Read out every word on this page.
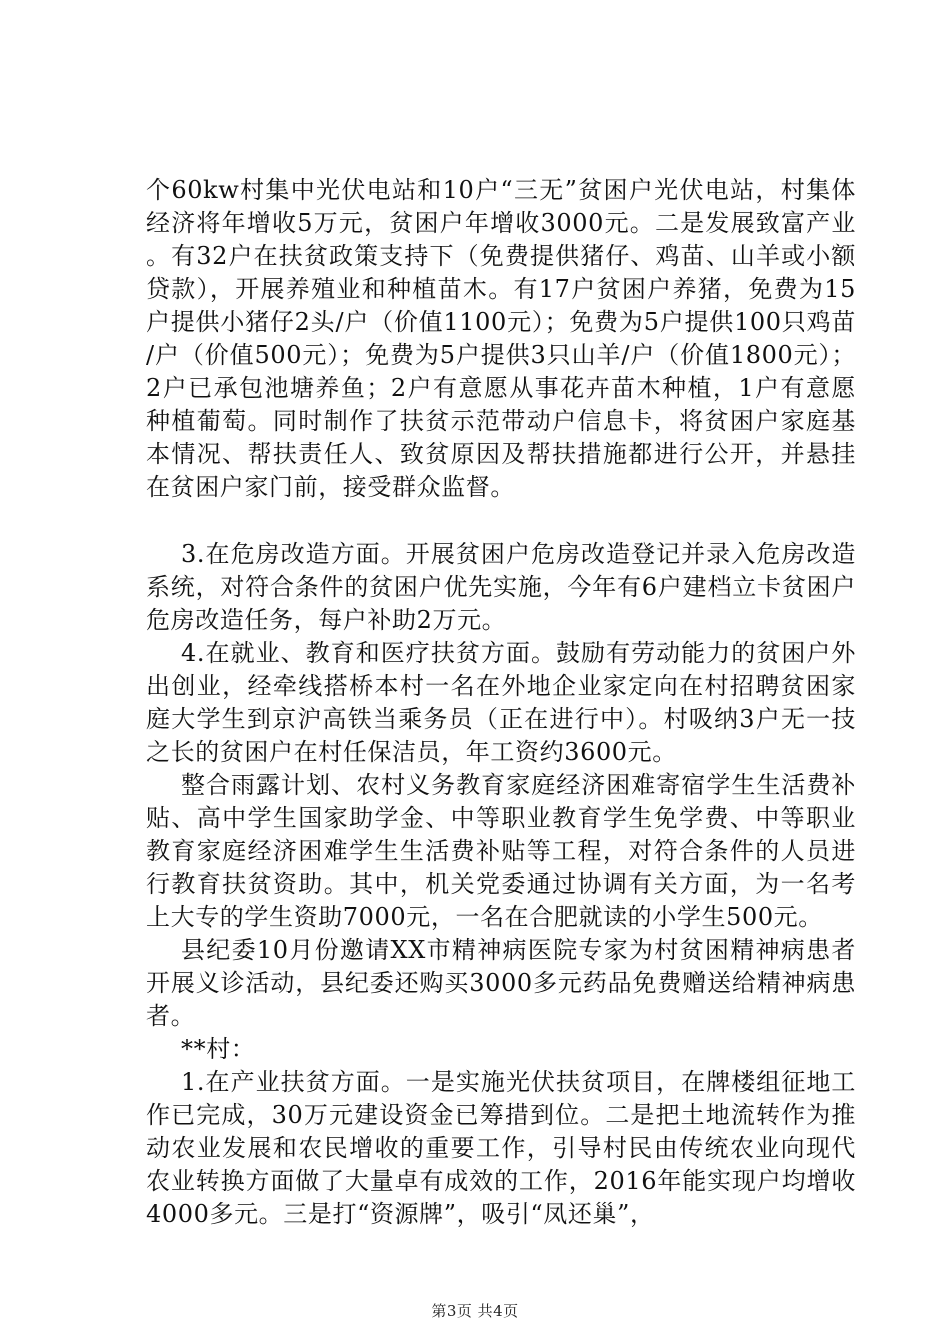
个60kw村集中光伏电站和10户“三无”贫困户光伏电站，村集体经济将年增收5万元，贫困户年增收3000元。二是发展致富产业。有32户在扶贫政策支持下（免费提供猪仔、鸡苗、山羊或小额贷款），开展养殖业和种植苗木。有17户贫困户养猪，免费为15户提供小猪仔2头/户（价值1100元）；免费为5户提供100只鸡苗/户（价值500元）；免费为5户提供3只山羊/户（价值1800元）；2户已承包池塘养鱼；2户有意愿从事花卉苗木种植，1户有意愿种植葡萄。同时制作了扶贫示范带动户信息卡，将贫困户家庭基本情况、帮扶责任人、致贫原因及帮扶措施都进行公开，并悬挂在贫困户家门前，接受群众监督。

3.在危房改造方面。开展贫困户危房改造登记并录入危房改造系统，对符合条件的贫困户优先实施，今年有6户建档立卡贫困户危房改造任务，每户补助2万元。

4.在就业、教育和医疗扶贫方面。鼓励有劳动能力的贫困户外出创业，经牵线搭桥本村一名在外地企业家定向在村招聘贫困家庭大学生到京沪高铁当乘务员（正在进行中）。村吸纳3户无一技之长的贫困户在村任保洁员，年工资约3600元。

整合雨露计划、农村义务教育家庭经济困难寄宿学生生活费补贴、高中学生国家助学金、中等职业教育学生免学费、中等职业教育家庭经济困难学生生活费补贴等工程，对符合条件的人员进行教育扶贫资助。其中，机关党委通过协调有关方面，为一名考上大专的学生资助7000元，一名在合肥就读的小学生500元。

县纪委10月份邀请XX市精神病医院专家为村贫困精神病患者开展义诊活动，县纪委还购买3000多元药品免费赠送给精神病患者。

**村：

1.在产业扶贫方面。一是实施光伏扶贫项目，在牌楼组征地工作已完成，30万元建设资金已筹措到位。二是把土地流转作为推动农业发展和农民增收的重要工作，引导村民由传统农业向现代农业转换方面做了大量卓有成效的工作，2016年能实现户均增收4000多元。三是打“资源牌”，吸引“凤还巢”，

第3页 共4页
